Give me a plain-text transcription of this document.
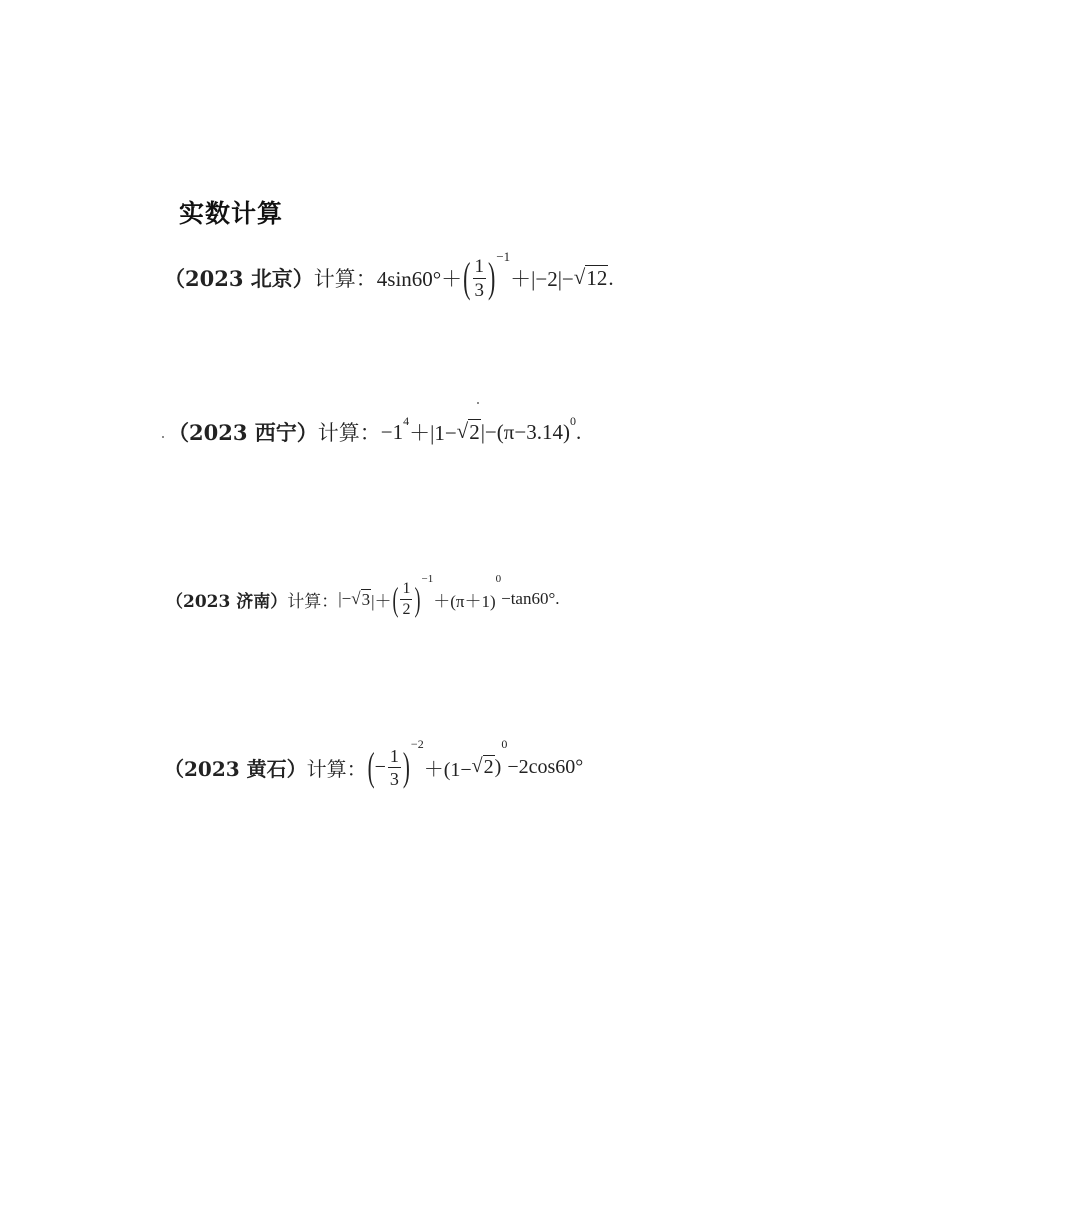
实数计算
（2023 北京） 计算： 4sin60°＋ ( $\frac{1}{3}$ ) −1
＋|−2|− √ 12 .
（2023 西宁） 计算： −1 4 ＋|1− √ 2 |−(π−3.14) 0 .
（2023 济南） 计算： |− √ 3 |＋ ( $\frac{1}{2}$ )
−1
＋(π＋1)
0
−tan60°.
（2023 黄石） 计算： ( − $\frac{1}{3}$ ) −2
＋(1− √ 2 )
0
−2cos60°
